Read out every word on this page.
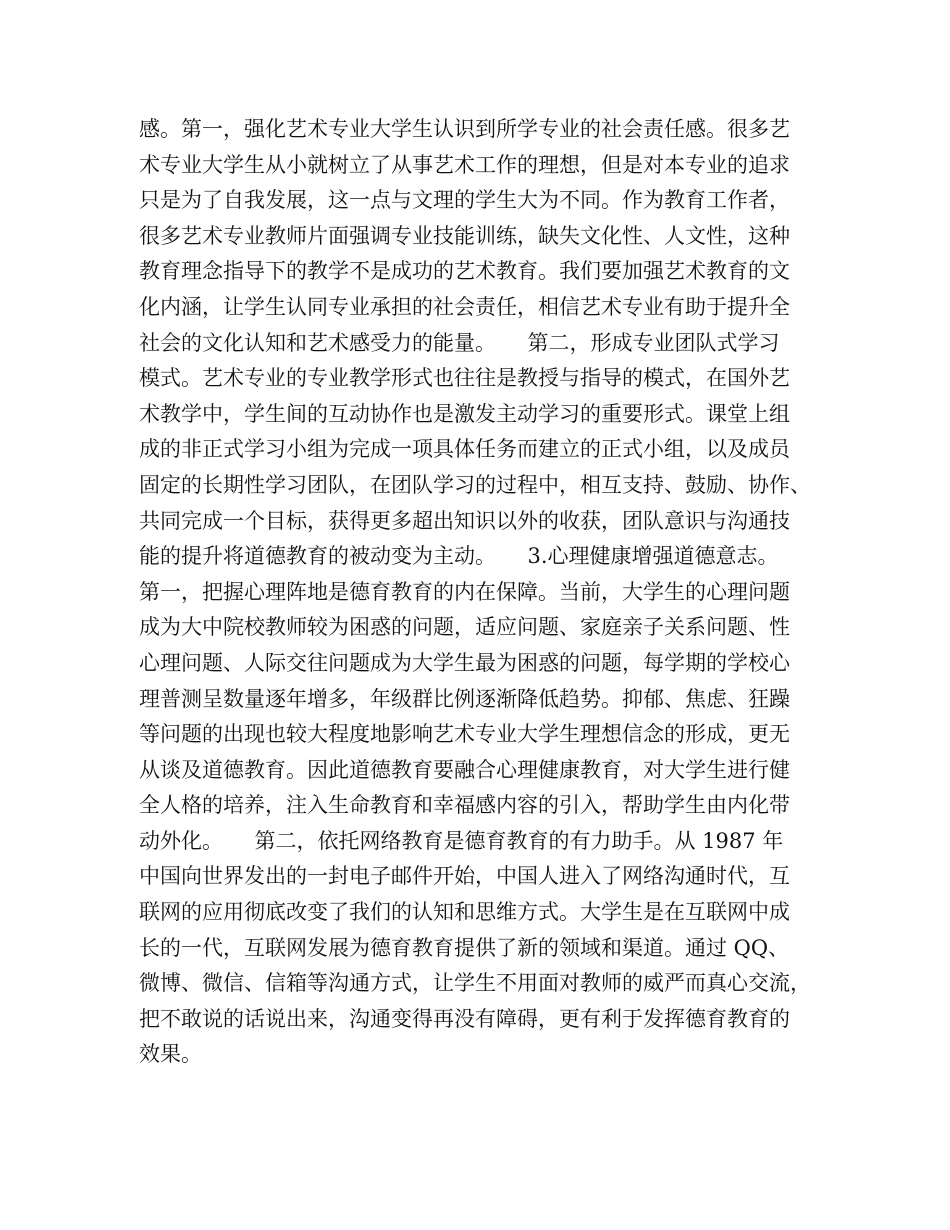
感。第一，强化艺术专业大学生认识到所学专业的社会责任感。很多艺
术专业大学生从小就树立了从事艺术工作的理想，但是对本专业的追求
只是为了自我发展，这一点与文理的学生大为不同。作为教育工作者，
很多艺术专业教师片面强调专业技能训练，缺失文化性、人文性，这种
教育理念指导下的教学不是成功的艺术教育。我们要加强艺术教育的文
化内涵，让学生认同专业承担的社会责任，相信艺术专业有助于提升全
社会的文化认知和艺术感受力的能量。　　第二，形成专业团队式学习
模式。艺术专业的专业教学形式也往往是教授与指导的模式，在国外艺
术教学中，学生间的互动协作也是激发主动学习的重要形式。课堂上组
成的非正式学习小组为完成一项具体任务而建立的正式小组，以及成员
固定的长期性学习团队，在团队学习的过程中，相互支持、鼓励、协作、
共同完成一个目标，获得更多超出知识以外的收获，团队意识与沟通技
能的提升将道德教育的被动变为主动。　　3.心理健康增强道德意志。
第一，把握心理阵地是德育教育的内在保障。当前，大学生的心理问题
成为大中院校教师较为困惑的问题，适应问题、家庭亲子关系问题、性
心理问题、人际交往问题成为大学生最为困惑的问题，每学期的学校心
理普测呈数量逐年增多，年级群比例逐渐降低趋势。抑郁、焦虑、狂躁
等问题的出现也较大程度地影响艺术专业大学生理想信念的形成，更无
从谈及道德教育。因此道德教育要融合心理健康教育，对大学生进行健
全人格的培养，注入生命教育和幸福感内容的引入，帮助学生由内化带
动外化。　　第二，依托网络教育是德育教育的有力助手。从 1987 年
中国向世界发出的一封电子邮件开始，中国人进入了网络沟通时代，互
联网的应用彻底改变了我们的认知和思维方式。大学生是在互联网中成
长的一代，互联网发展为德育教育提供了新的领域和渠道。通过 QQ、
微博、微信、信箱等沟通方式，让学生不用面对教师的威严而真心交流，
把不敢说的话说出来，沟通变得再没有障碍，更有利于发挥德育教育的
效果。
